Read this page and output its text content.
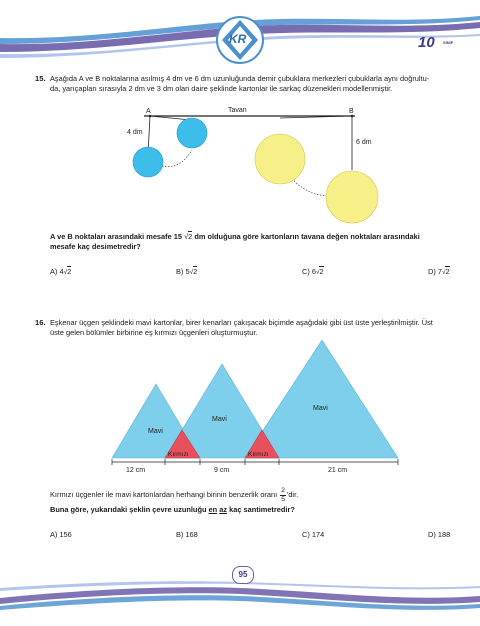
KR	10 SINIF
15. Aşağıda A ve B noktalarına asılmış 4 dm ve 6 dm uzunluğunda demir çubuklara merkezleri çubuklarla aynı doğrultu-
da, yarıçapları sırasıyla 2 dm ve 3 dm olan daire şeklinde kartonlar ile sarkaç düzenekleri modellenmiştir.
A	Tavan	B
4 dm
6 dm
A ve B noktaları arasındaki mesafe 15 √2 dm olduğuna göre kartonların tavana değen noktaları arasındaki
mesafe kaç desimetredir?
A) 4√2	B) 5√2	C) 6√2	D) 7√2
16. Eşkenar üçgen şeklindeki mavi kartonlar, birer kenarları çakışacak biçimde aşağıdaki gibi üst üste yerleştirilmiştir. Üst
üste gelen bölümler birbirine eş kırmızı üçgenleri oluşturmuştur.
Mavi
Mavi
Mavi
Kırmızı	Kırmızı
12 cm	9 cm	21 cm
Kırmızı üçgenler ile mavi kartonlardan herhangi birinin benzerlik oranı $\frac{2}{5}$ 'dir.
Buna göre, yukarıdaki şeklin çevre uzunluğu en az kaç santimetredir?
A) 156	B) 168	C) 174	D) 188
95
